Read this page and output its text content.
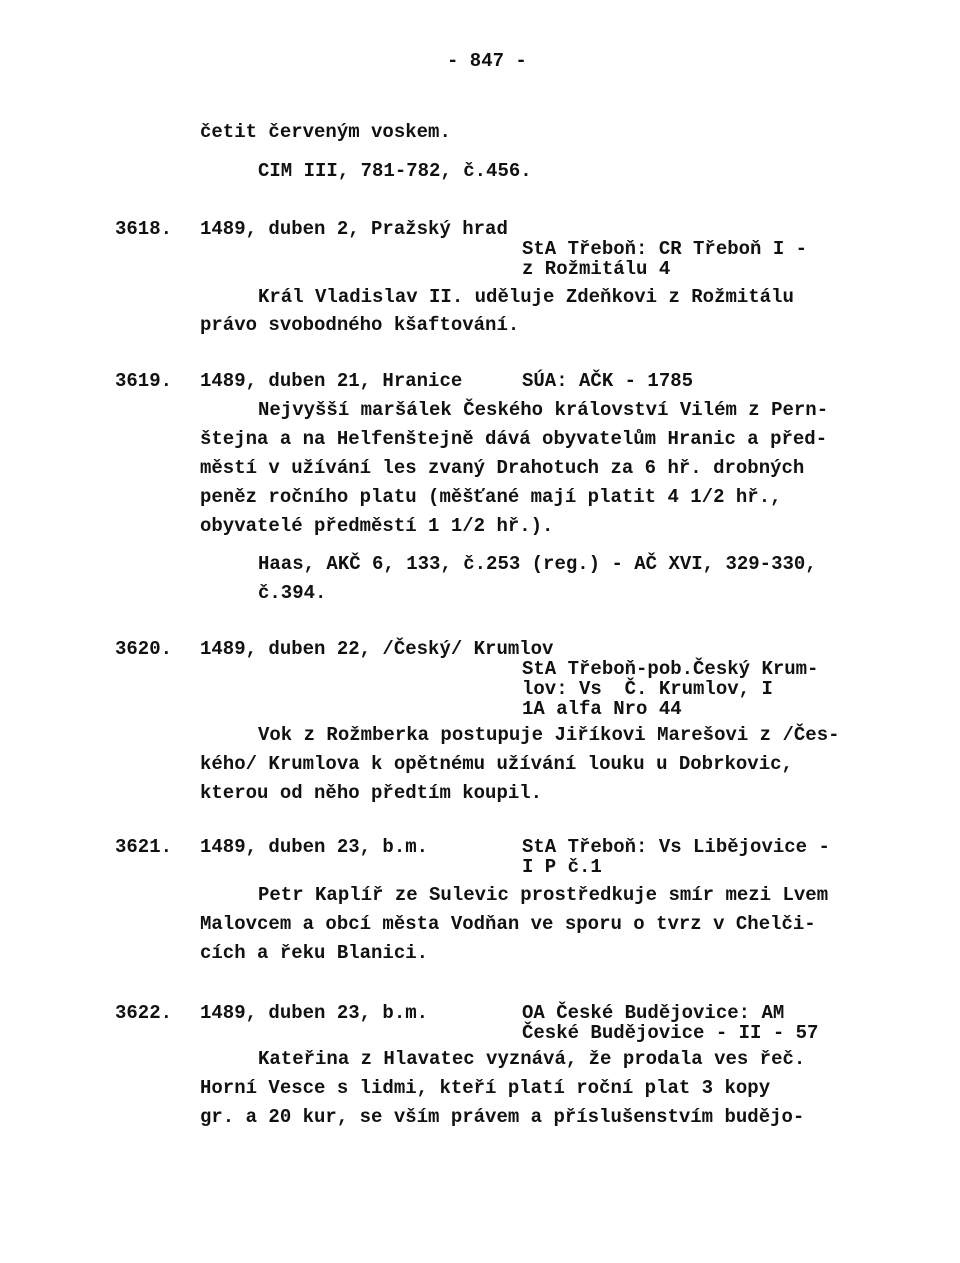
- 847 -
četit červeným voskem.
CIM III, 781-782, č.456.
3618. 1489, duben 2, Pražský hrad
StA Třeboň: CR Třeboň I -
z Rožmitálu 4
Král Vladislav II. uděluje Zdeňkovi z Rožmitálu
právo svobodného kšaftování.
3619. 1489, duben 21, Hranice	SÚA: AČK - 1785
Nejvyšší maršálek Českého království Vilém z Pern-
štejna a na Helfenštejně dává obyvatelům Hranic a před-
městí v užívání les zvaný Drahotuch za 6 hř. drobných
peněz ročního platu (měšťané mají platit 4 1/2 hř.,
obyvatelé předměstí 1 1/2 hř.).
Haas, AKČ 6, 133, č.253 (reg.) - AČ XVI, 329-330,
č.394.
3620. 1489, duben 22, /Český/ Krumlov
StA Třeboň-pob.Český Krum-
lov: Vs  Č. Krumlov, I
1A alfa Nro 44
Vok z Rožmberka postupuje Jiříkovi Marešovi z /Čes-
kého/ Krumlova k opětnému užívání louku u Dobrkovic,
kterou od něho předtím koupil.
3621. 1489, duben 23, b.m.	StA Třeboň: Vs Libějovice -
I P č.1
Petr Kaplíř ze Sulevic prostředkuje smír mezi Lvem
Malovcem a obcí města Vodňan ve sporu o tvrz v Chelči-
cích a řeku Blanici.
3622. 1489, duben 23, b.m.	OA České Budějovice: AM
České Budějovice - II - 57
Kateřina z Hlavatec vyznává, že prodala ves řeč.
Horní Vesce s lidmi, kteří platí roční plat 3 kopy
gr. a 20 kur, se vším právem a příslušenstvím budějo-
